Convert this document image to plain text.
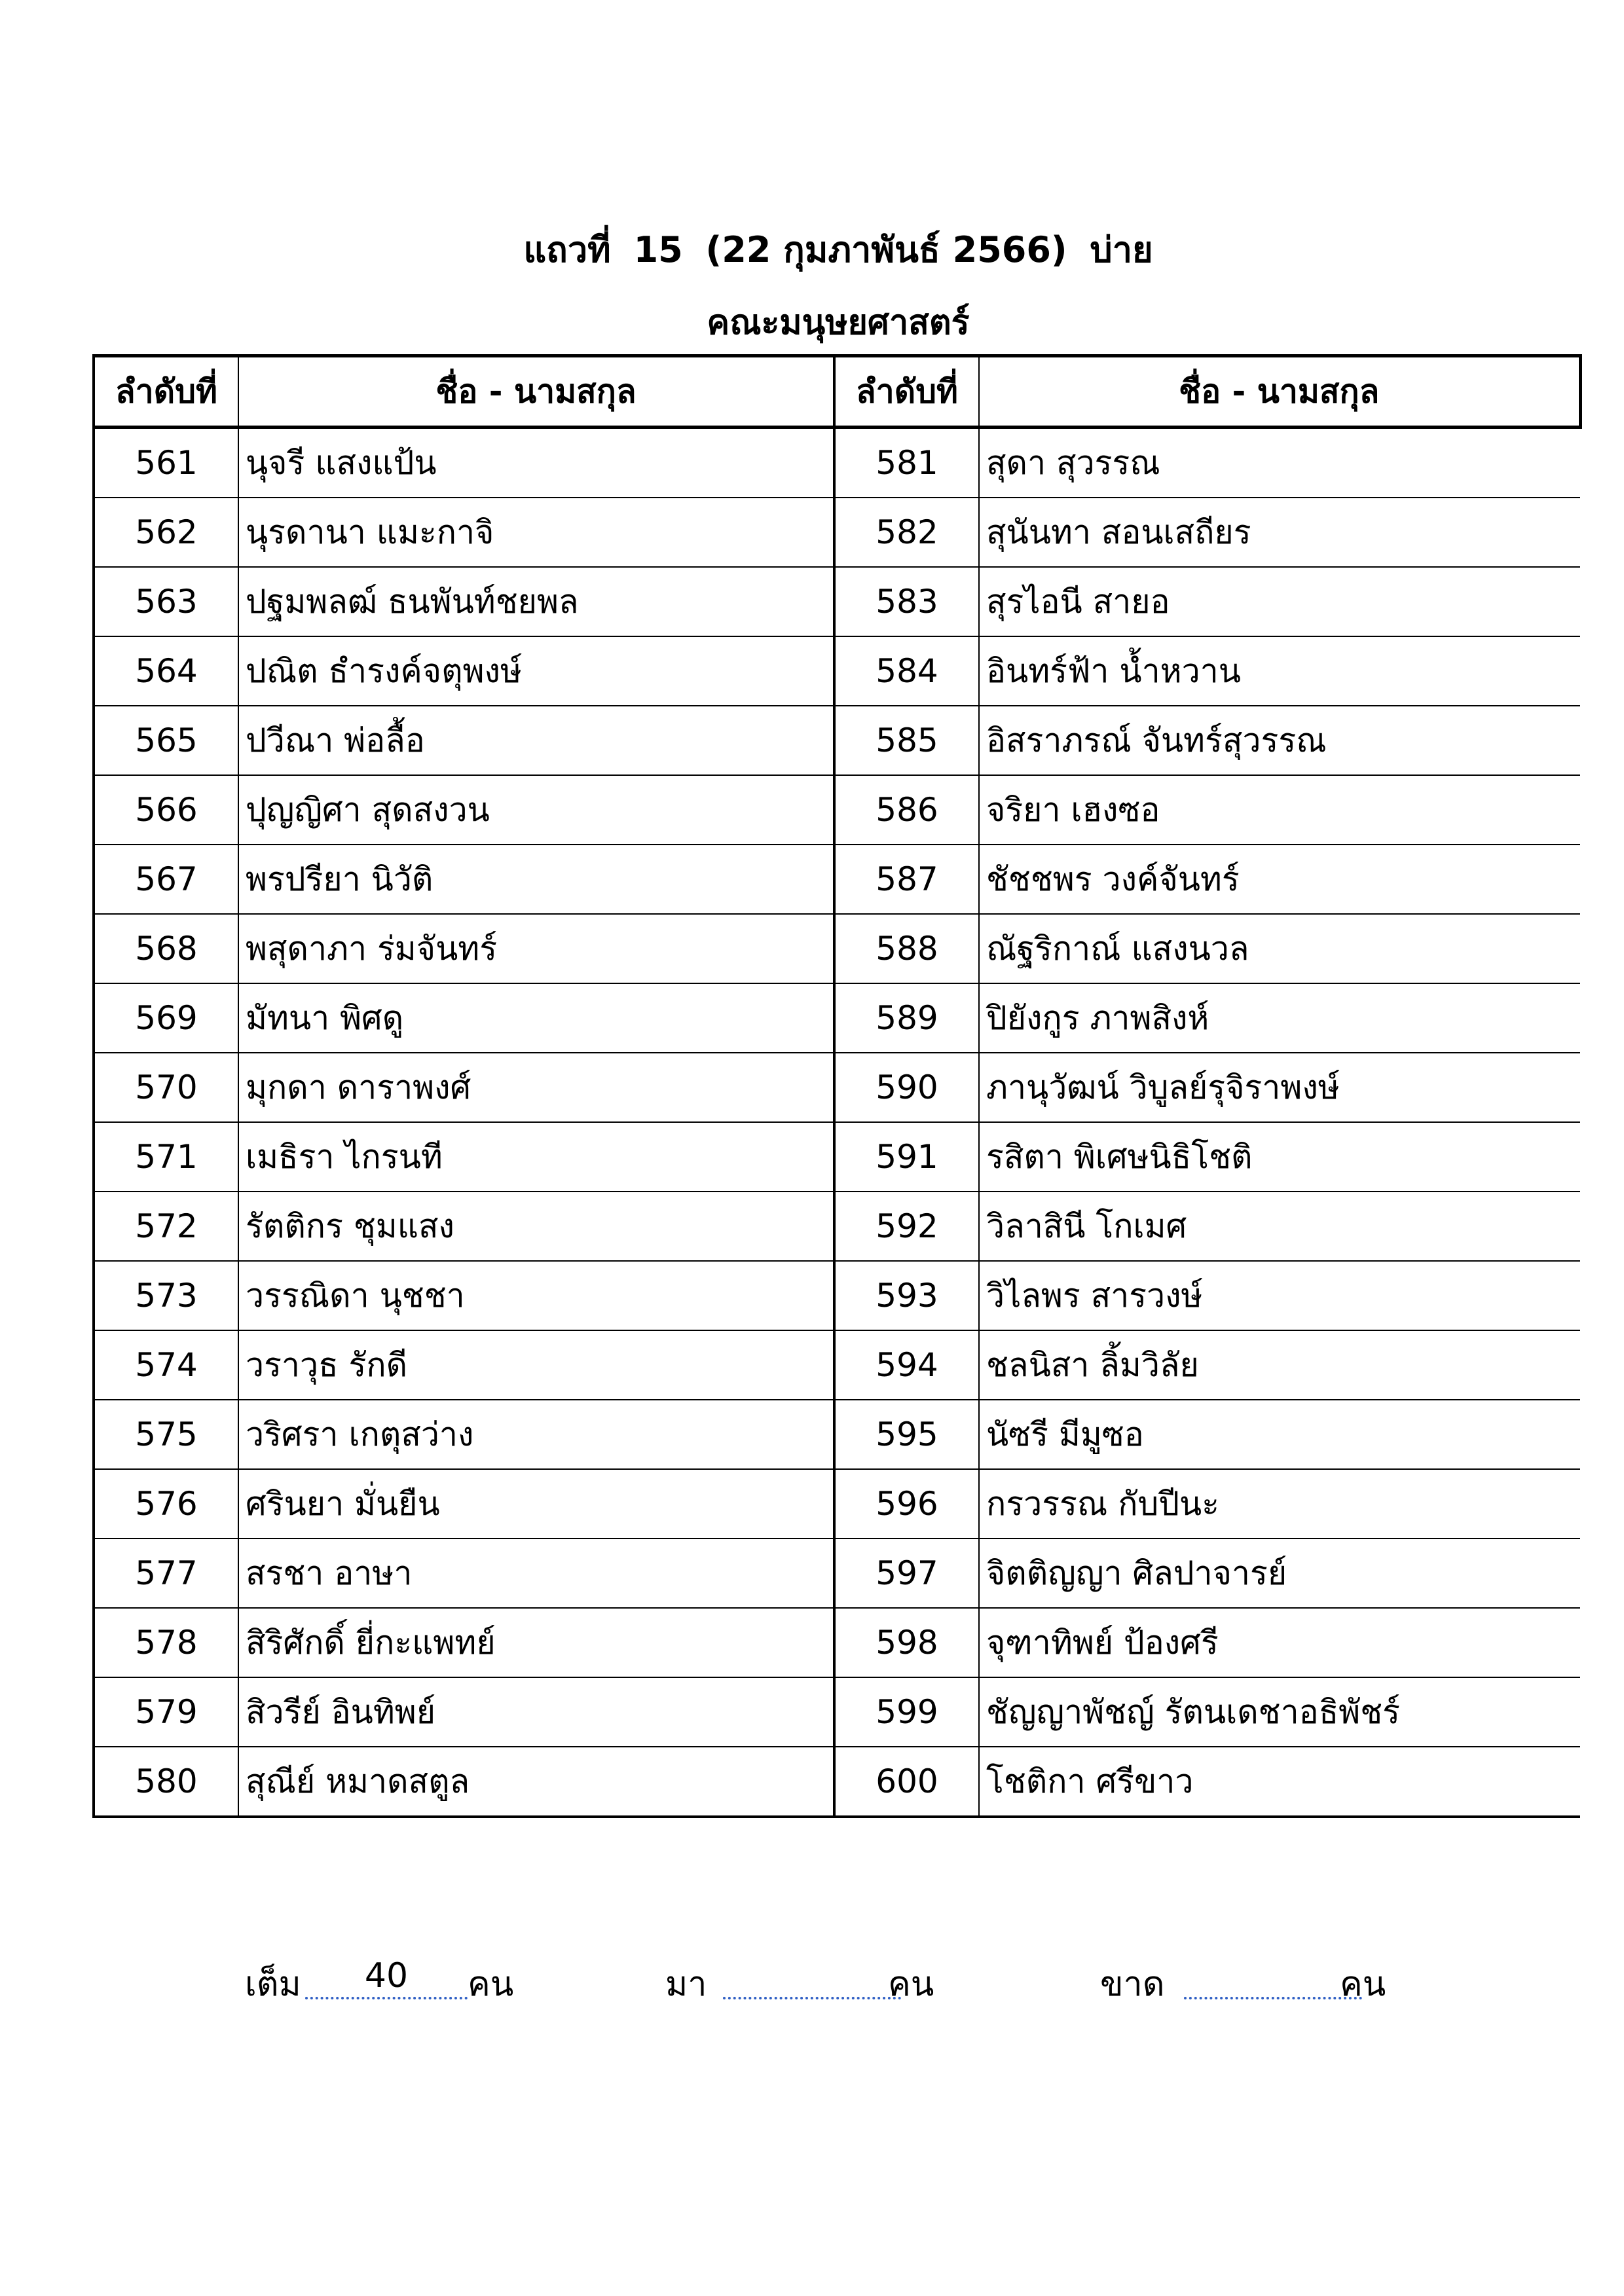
แถวที่ 15 (22 กุมภาพันธ์ 2566) บ่าย
คณะมนุษยศาสตร์
ลำดับที่	ชื่อ - นามสกุล	ลำดับที่	ชื่อ - นามสกุล
561	นุจรี แสงแป้น	581	สุดา สุวรรณ
562	นุรดานา แมะกาจิ	582	สุนันทา สอนเสถียร
563	ปฐมพลฒ์ ธนพันท์ชยพล	583	สุรไอนี สายอ
564	ปณิต ธำรงค์จตุพงษ์	584	อินทร์ฟ้า น้ำหวาน
565	ปวีณา พ่อลื้อ	585	อิสราภรณ์ จันทร์สุวรรณ
566	ปุญญิศา สุดสงวน	586	จริยา เฮงซอ
567	พรปรียา นิวัติ	587	ชัชชพร วงค์จันทร์
568	พสุดาภา ร่มจันทร์	588	ณัฐริกาณ์ แสงนวล
569	มัทนา พิศดู	589	ปิยังกูร ภาพสิงห์
570	มุกดา ดาราพงศ์	590	ภานุวัฒน์ วิบูลย์รุจิราพงษ์
571	เมธิรา ไกรนที	591	รสิตา พิเศษนิธิโชติ
572	รัตติกร ชุมแสง	592	วิลาสินี โกเมศ
573	วรรณิดา นุชชา	593	วิไลพร สารวงษ์
574	วราวุธ รักดี	594	ชลนิสา ลิ้มวิลัย
575	วริศรา เกตุสว่าง	595	นัซรี มีมูซอ
576	ศรินยา มั่นยืน	596	กรวรรณ กับปีนะ
577	สรชา อาษา	597	จิตติญญา ศิลปาจารย์
578	สิริศักดิ์ ยี่กะแพทย์	598	จุฑาทิพย์ ป้องศรี
579	สิวรีย์ อินทิพย์	599	ชัญญาพัชญ์ รัตนเดชาอธิพัชร์
580	สุณีย์ หมาดสตูล	600	โชติกา ศรีขาว
เต็ม	40	คน	มา	คน	ขาด	คน
